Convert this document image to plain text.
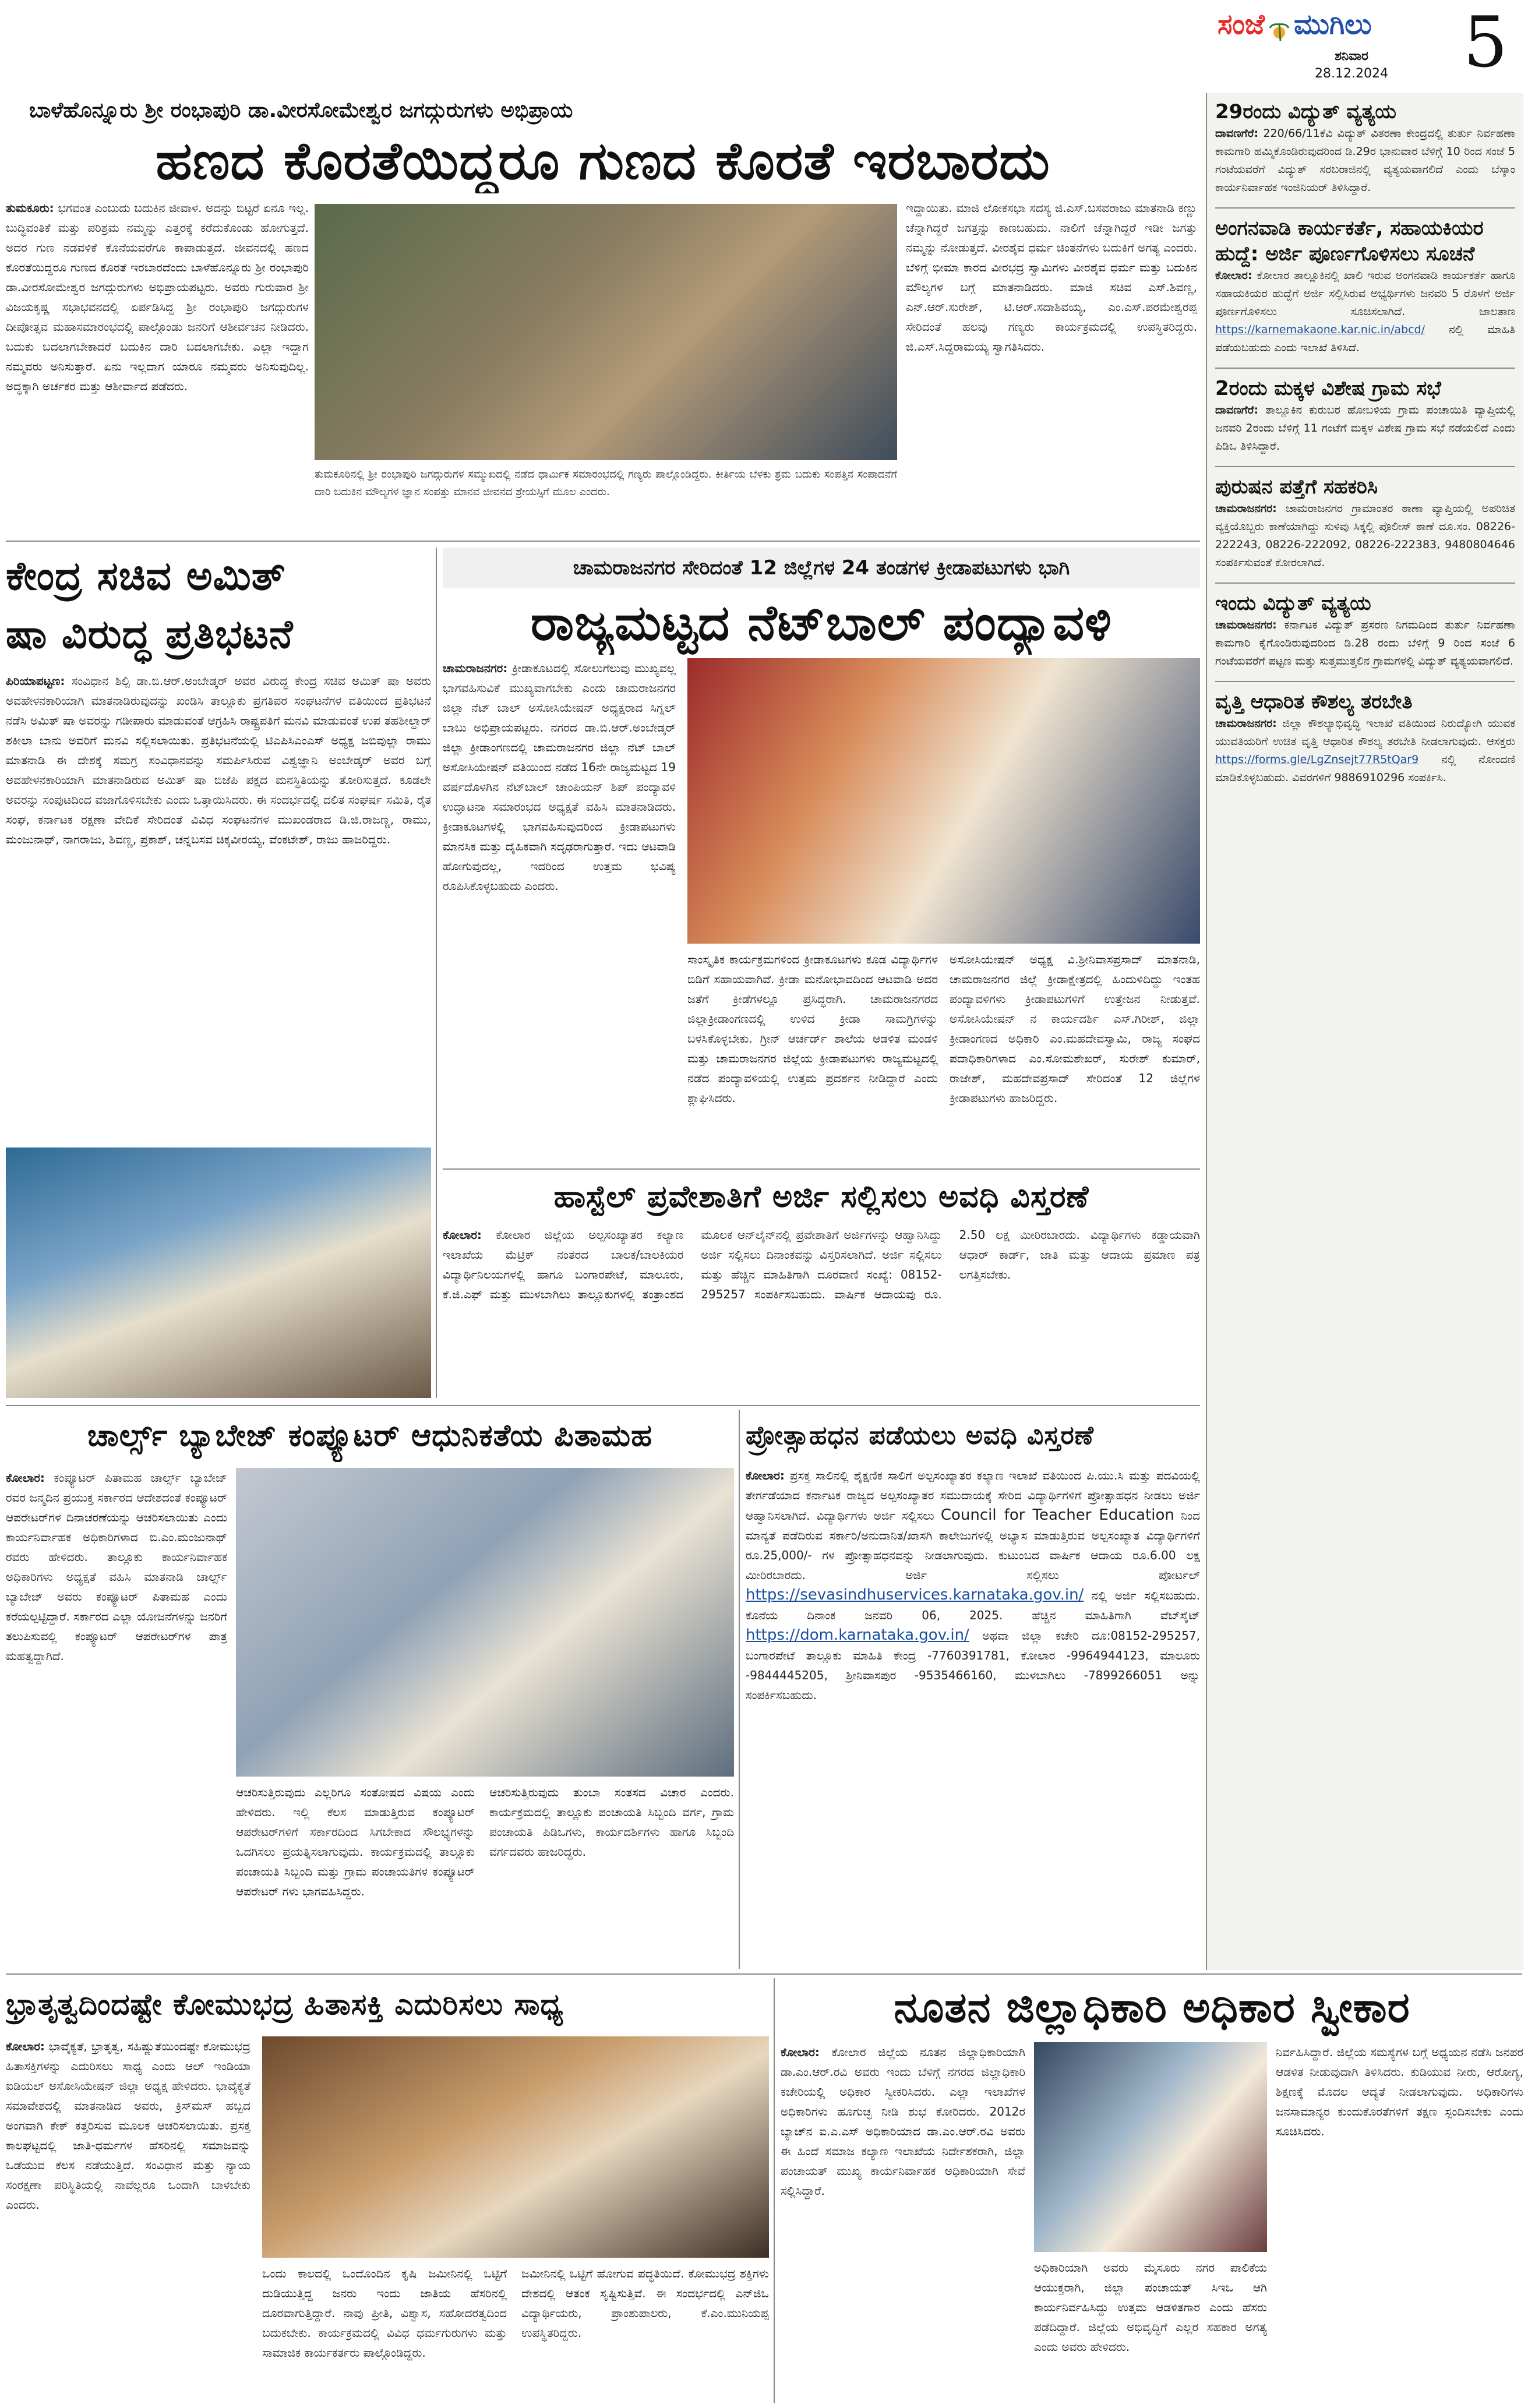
ಸಂಜೆ ಮುಗಿಲು
ಶನಿವಾರ
28.12.2024	5
ಬಾಳೆಹೊನ್ನೂರು ಶ್ರೀ ರಂಭಾಪುರಿ ಡಾ.ವೀರಸೋಮೇಶ್ವರ ಜಗದ್ಗುರುಗಳು ಅಭಿಪ್ರಾಯ
ಹಣದ ಕೊರತೆಯಿದ್ದರೂ ಗುಣದ ಕೊರತೆ ಇರಬಾರದು

ತುಮಕೂರು: ಭಗವಂತ ಎಂಬುದು ಬದುಕಿನ ಜೀವಾಳ. ಅದನ್ನು ಬಿಟ್ಟರೆ ಏನೂ ಇಲ್ಲ. ಬುದ್ಧಿವಂತಿಕೆ ಮತ್ತು ಪರಿಶ್ರಮ ನಮ್ಮನ್ನು ಎತ್ತರಕ್ಕೆ ಕರೆದುಕೊಂಡು ಹೋಗುತ್ತದೆ. ಅದರ ಗುಣ ನಡವಳಿಕೆ ಕೊನೆಯವರೆಗೂ ಕಾಪಾಡುತ್ತದೆ. ಜೀವನದಲ್ಲಿ ಹಣದ ಕೊರತೆಯಿದ್ದರೂ ಗುಣದ ಕೊರತೆ ಇರಬಾರದೆಂದು ಬಾಳೆಹೊನ್ನೂರು ಶ್ರೀ ರಂಭಾಪುರಿ ಡಾ.ವೀರಸೋಮೇಶ್ವರ ಜಗದ್ಗುರುಗಳು ಅಭಿಪ್ರಾಯಪಟ್ಟರು. ಅವರು ಗುರುವಾರ ಶ್ರೀ ವಿಜಯಕೃಷ್ಣ ಸಭಾಭವನದಲ್ಲಿ ಏರ್ಪಡಿಸಿದ್ದ ಶ್ರೀ ರಂಭಾಪುರಿ ಜಗದ್ಗುರುಗಳ ದೀಪೋತ್ಸವ ಮಹಾಸಮಾರಂಭದಲ್ಲಿ ಪಾಲ್ಗೊಂಡು ಜನರಿಗೆ ಆಶೀರ್ವಚನ ನೀಡಿದರು. ಬದುಕು ಬದಲಾಗಬೇಕಾದರೆ ಬದುಕಿನ ದಾರಿ ಬದಲಾಗಬೇಕು. ಎಲ್ಲಾ ಇದ್ದಾಗ ನಮ್ಮವರು ಅನಿಸುತ್ತಾರೆ. ಏನು ಇಲ್ಲದಾಗ ಯಾರೂ ನಮ್ಮವರು ಅನಿಸುವುದಿಲ್ಲ. ಅದ್ಧಕ್ಕಾಗಿ ಅರ್ಚಕರ ಮತ್ತು ಆಶೀರ್ವಾದ ಪಡೆದರು.

ತುಮಕೂರಿನಲ್ಲಿ ಶ್ರೀ ರಂಭಾಪುರಿ ಜಗದ್ಗುರುಗಳ ಸಮ್ಮುಖದಲ್ಲಿ ನಡೆದ ಧಾರ್ಮಿಕ ಸಮಾರಂಭದಲ್ಲಿ ಗಣ್ಯರು ಪಾಲ್ಗೊಂಡಿದ್ದರು. ಕೀರ್ತಿಯ ಬೆಳಕು ಶ್ರಮ ಬದುಕು ಸಂಪತ್ತಿನ ಸಂಪಾದನೆಗೆ ದಾರಿ ಬದುಕಿನ ಮೌಲ್ಯಗಳ ಜ್ಞಾನ ಸಂಪತ್ತು ಮಾನವ ಜೀವನದ ಶ್ರೇಯಸ್ಸಿಗೆ ಮೂಲ ಎಂದರು.
ಇದ್ದಾಯಿತು. ಮಾಜಿ ಲೋಕಸಭಾ ಸದಸ್ಯ ಜಿ.ಎಸ್.ಬಸವರಾಜು ಮಾತನಾಡಿ ಕಣ್ಣು ಚೆನ್ನಾಗಿದ್ದರೆ ಜಗತ್ತನ್ನು ಕಾಣಬಹುದು. ನಾಲಿಗೆ ಚೆನ್ನಾಗಿದ್ದರೆ ಇಡೀ ಜಗತ್ತು ನಮ್ಮನ್ನು ನೋಡುತ್ತದೆ. ವೀರಶೈವ ಧರ್ಮ ಚಿಂತನೆಗಳು ಬದುಕಿಗೆ ಅಗತ್ಯ ಎಂದರು. ಬೆಳಿಗ್ಗೆ ಭೀಮಾ ಕಾರದ ವೀರಭದ್ರ ಸ್ವಾಮಿಗಳು ವೀರಶೈವ ಧರ್ಮ ಮತ್ತು ಬದುಕಿನ ಮೌಲ್ಯಗಳ ಬಗ್ಗೆ ಮಾತನಾಡಿದರು. ಮಾಜಿ ಸಚಿವ ಎಸ್.ಶಿವಣ್ಣ, ಎನ್.ಆರ್.ಸುರೇಶ್, ಟಿ.ಆರ್.ಸದಾಶಿವಯ್ಯ, ಎಂ.ಎಸ್.ಪರಮೇಶ್ವರಪ್ಪ ಸೇರಿದಂತೆ ಹಲವು ಗಣ್ಯರು ಕಾರ್ಯಕ್ರಮದಲ್ಲಿ ಉಪಸ್ಥಿತರಿದ್ದರು. ಜಿ.ಎಸ್.ಸಿದ್ದರಾಮಯ್ಯ ಸ್ವಾಗತಿಸಿದರು.
ಕೇಂದ್ರ ಸಚಿವ ಅಮಿತ್
ಷಾ ವಿರುದ್ಧ ಪ್ರತಿಭಟನೆ

ಪಿರಿಯಾಪಟ್ಟಣ: ಸಂವಿಧಾನ ಶಿಲ್ಪಿ ಡಾ.ಬಿ.ಆರ್.ಅಂಬೇಡ್ಕರ್ ಅವರ ವಿರುದ್ಧ ಕೇಂದ್ರ ಸಚಿವ ಅಮಿತ್ ಷಾ ಅವರು ಅವಹೇಳನಕಾರಿಯಾಗಿ ಮಾತನಾಡಿರುವುದನ್ನು ಖಂಡಿಸಿ ತಾಲ್ಲೂಕು ಪ್ರಗತಿಪರ ಸಂಘಟನೆಗಳ ವತಿಯಿಂದ ಪ್ರತಿಭಟನೆ ನಡೆಸಿ ಅಮಿತ್ ಷಾ ಅವರನ್ನು ಗಡೀಪಾರು ಮಾಡುವಂತೆ ಆಗ್ರಹಿಸಿ ರಾಷ್ಟ್ರಪತಿಗೆ ಮನವಿ ಮಾಡುವಂತೆ ಉಪ ತಹಶೀಲ್ದಾರ್ ಶಕೀಲಾ ಬಾನು ಅವರಿಗೆ ಮನವಿ ಸಲ್ಲಿಸಲಾಯಿತು. ಪ್ರತಿಭಟನೆಯಲ್ಲಿ ಟಿಎಪಿಸಿಎಂಎಸ್ ಅಧ್ಯಕ್ಷ ಜಬಿವುಲ್ಲಾ ರಾಮು ಮಾತನಾಡಿ ಈ ದೇಶಕ್ಕೆ ಸಮಗ್ರ ಸಂವಿಧಾನವನ್ನು ಸಮರ್ಪಿಸಿರುವ ವಿಶ್ವಜ್ಞಾನಿ ಅಂಬೇಡ್ಕರ್ ಅವರ ಬಗ್ಗೆ ಅವಹೇಳನಕಾರಿಯಾಗಿ ಮಾತನಾಡಿರುವ ಅಮಿತ್ ಷಾ ಬಿಜೆಪಿ ಪಕ್ಷದ ಮನಸ್ಥಿತಿಯನ್ನು ತೋರಿಸುತ್ತದೆ. ಕೂಡಲೇ ಅವರನ್ನು ಸಂಪುಟದಿಂದ ವಜಾಗೊಳಿಸಬೇಕು ಎಂದು ಒತ್ತಾಯಿಸಿದರು. ಈ ಸಂದರ್ಭದಲ್ಲಿ ದಲಿತ ಸಂಘರ್ಷ ಸಮಿತಿ, ರೈತ ಸಂಘ, ಕರ್ನಾಟಕ ರಕ್ಷಣಾ ವೇದಿಕೆ ಸೇರಿದಂತೆ ವಿವಿಧ ಸಂಘಟನೆಗಳ ಮುಖಂಡರಾದ ಡಿ.ಜಿ.ರಾಜಣ್ಣ, ರಾಮು, ಮಂಜುನಾಥ್, ನಾಗರಾಜು, ಶಿವಣ್ಣ, ಪ್ರಕಾಶ್, ಚನ್ನಬಸವ ಚಿಕ್ಕವೀರಯ್ಯ, ವೆಂಕಟೇಶ್, ರಾಜು ಹಾಜರಿದ್ದರು.

ಚಾಮರಾಜನಗರ ಸೇರಿದಂತೆ 12 ಜಿಲ್ಲೆಗಳ 24 ತಂಡಗಳ ಕ್ರೀಡಾಪಟುಗಳು ಭಾಗಿ
ರಾಜ್ಯಮಟ್ಟದ ನೆಟ್‌ಬಾಲ್ ಪಂದ್ಯಾವಳಿ

ಚಾಮರಾಜನಗರ: ಕ್ರೀಡಾಕೂಟದಲ್ಲಿ ಸೋಲುಗೆಲುವು ಮುಖ್ಯವಲ್ಲ ಭಾಗವಹಿಸುವಿಕೆ ಮುಖ್ಯವಾಗಬೇಕು ಎಂದು ಚಾಮರಾಜನಗರ ಜಿಲ್ಲಾ ನೆಟ್ ಬಾಲ್ ಅಸೋಸಿಯೇಷನ್ ಅಧ್ಯಕ್ಷರಾದ ಸಿಗ್ನಲ್ ಬಾಬು ಅಭಿಪ್ರಾಯಪಟ್ಟರು. ನಗರದ ಡಾ.ಬಿ.ಆರ್.ಅಂಬೇಡ್ಕರ್ ಜಿಲ್ಲಾ ಕ್ರೀಡಾಂಗಣದಲ್ಲಿ ಚಾಮರಾಜನಗರ ಜಿಲ್ಲಾ ನೆಟ್ ಬಾಲ್ ಅಸೋಸಿಯೇಷನ್ ವತಿಯಿಂದ ನಡೆದ 16ನೇ ರಾಜ್ಯಮಟ್ಟದ 19 ವರ್ಷದೊಳಗಿನ ನೆಟ್‌ಬಾಲ್ ಚಾಂಪಿಯನ್ ಶಿಪ್ ಪಂದ್ಯಾವಳಿ ಉದ್ಘಾಟನಾ ಸಮಾರಂಭದ ಅಧ್ಯಕ್ಷತೆ ವಹಿಸಿ ಮಾತನಾಡಿದರು. ಕ್ರೀಡಾಕೂಟಗಳಲ್ಲಿ ಭಾಗವಹಿಸುವುದರಿಂದ ಕ್ರೀಡಾಪಟುಗಳು ಮಾನಸಿಕ ಮತ್ತು ದೈಹಿಕವಾಗಿ ಸದೃಢರಾಗುತ್ತಾರೆ. ಇದು ಆಟವಾಡಿ ಹೋಗುವುದಲ್ಲ, ಇದರಿಂದ ಉತ್ತಮ ಭವಿಷ್ಯ ರೂಪಿಸಿಕೊಳ್ಳಬಹುದು ಎಂದರು.

ಸಾಂಸ್ಕೃತಿಕ ಕಾರ್ಯಕ್ರಮಗಳಿಂದ ಕ್ರೀಡಾಕೂಟಗಳು ಕೂಡ ವಿದ್ಯಾರ್ಥಿಗಳ ಬಿಡಿಗೆ ಸಹಾಯವಾಗಿವೆ. ಕ್ರೀಡಾ ಮನೋಭಾವದಿಂದ ಆಟವಾಡಿ ಅದರ ಜತೆಗೆ ಕ್ರೀಡೆಗಳಲ್ಲೂ ಪ್ರಸಿದ್ಧರಾಗಿ. ಚಾಮರಾಜನಗರದ ಜಿಲ್ಲಾಕ್ರೀಡಾಂಗಣದಲ್ಲಿ ಉಳಿದ ಕ್ರೀಡಾ ಸಾಮಗ್ರಿಗಳನ್ನು ಬಳಸಿಕೊಳ್ಳಬೇಕು. ಗ್ರೀನ್ ಆರ್ಚರ್ಡ್ ಶಾಲೆಯ ಆಡಳಿತ ಮಂಡಳಿ ಮತ್ತು ಚಾಮರಾಜನಗರ ಜಿಲ್ಲೆಯ ಕ್ರೀಡಾಪಟುಗಳು ರಾಜ್ಯಮಟ್ಟದಲ್ಲಿ ನಡೆದ ಪಂದ್ಯಾವಳಿಯಲ್ಲಿ ಉತ್ತಮ ಪ್ರದರ್ಶನ ನೀಡಿದ್ದಾರೆ ಎಂದು ಶ್ಲಾಘಿಸಿದರು.
ಅಸೋಸಿಯೇಷನ್ ಅಧ್ಯಕ್ಷ ವಿ.ಶ್ರೀನಿವಾಸಪ್ರಸಾದ್ ಮಾತನಾಡಿ, ಚಾಮರಾಜನಗರ ಜಿಲ್ಲೆ ಕ್ರೀಡಾಕ್ಷೇತ್ರದಲ್ಲಿ ಹಿಂದುಳಿದಿದ್ದು ಇಂತಹ ಪಂದ್ಯಾವಳಿಗಳು ಕ್ರೀಡಾಪಟುಗಳಿಗೆ ಉತ್ತೇಜನ ನೀಡುತ್ತವೆ. ಅಸೋಸಿಯೇಷನ್ ನ ಕಾರ್ಯದರ್ಶಿ ಎಸ್.ಗಿರೀಶ್, ಜಿಲ್ಲಾ ಕ್ರೀಡಾಂಗಣದ ಅಧಿಕಾರಿ ಎಂ.ಮಹದೇವಸ್ವಾಮಿ, ರಾಜ್ಯ ಸಂಘದ ಪದಾಧಿಕಾರಿಗಳಾದ ಎಂ.ಸೋಮಶೇಖರ್, ಸುರೇಶ್ ಕುಮಾರ್, ರಾಜೇಶ್, ಮಹದೇವಪ್ರಸಾದ್ ಸೇರಿದಂತೆ 12 ಜಿಲ್ಲೆಗಳ ಕ್ರೀಡಾಪಟುಗಳು ಹಾಜರಿದ್ದರು.
ಹಾಸ್ಟೆಲ್ ಪ್ರವೇಶಾತಿಗೆ ಅರ್ಜಿ ಸಲ್ಲಿಸಲು ಅವಧಿ ವಿಸ್ತರಣೆ

ಕೋಲಾರ: ಕೋಲಾರ ಜಿಲ್ಲೆಯ ಅಲ್ಪಸಂಖ್ಯಾತರ ಕಲ್ಯಾಣ ಇಲಾಖೆಯ ಮೆಟ್ರಿಕ್ ನಂತರದ ಬಾಲಕ/ಬಾಲಕಿಯರ ವಿದ್ಯಾರ್ಥಿನಿಲಯಗಳಲ್ಲಿ ಹಾಗೂ ಬಂಗಾರಪೇಟೆ, ಮಾಲೂರು, ಕೆ.ಜಿ.ಎಫ್ ಮತ್ತು ಮುಳಬಾಗಿಲು ತಾಲ್ಲೂಕುಗಳಲ್ಲಿ ತಂತ್ರಾಂಶದ ಮೂಲಕ ಆನ್‌ಲೈನ್‌ನಲ್ಲಿ ಪ್ರವೇಶಾತಿಗೆ ಅರ್ಜಿಗಳನ್ನು ಆಹ್ವಾನಿಸಿದ್ದು ಅರ್ಜಿ ಸಲ್ಲಿಸಲು ದಿನಾಂಕವನ್ನು ವಿಸ್ತರಿಸಲಾಗಿದೆ. ಅರ್ಜಿ ಸಲ್ಲಿಸಲು ಮತ್ತು ಹೆಚ್ಚಿನ ಮಾಹಿತಿಗಾಗಿ ದೂರವಾಣಿ ಸಂಖ್ಯೆ: 08152-295257 ಸಂಪರ್ಕಿಸಬಹುದು. ವಾರ್ಷಿಕ ಆದಾಯವು ರೂ. 2.50 ಲಕ್ಷ ಮೀರಿರಬಾರದು. ವಿದ್ಯಾರ್ಥಿಗಳು ಕಡ್ಡಾಯವಾಗಿ ಆಧಾರ್ ಕಾರ್ಡ್, ಜಾತಿ ಮತ್ತು ಆದಾಯ ಪ್ರಮಾಣ ಪತ್ರ ಲಗತ್ತಿಸಬೇಕು.

ಚಾರ್ಲ್ಸ್ ಬ್ಯಾಬೇಜ್ ಕಂಪ್ಯೂಟರ್ ಆಧುನಿಕತೆಯ ಪಿತಾಮಹ

ಕೋಲಾರ: ಕಂಪ್ಯೂಟರ್ ಪಿತಾಮಹ ಚಾರ್ಲ್ಸ್ ಬ್ಯಾಬೇಜ್ ರವರ ಜನ್ಮದಿನ ಪ್ರಯುಕ್ತ ಸರ್ಕಾರದ ಆದೇಶದಂತೆ ಕಂಪ್ಯೂಟರ್ ಆಪರೇಟರ್‌ಗಳ ದಿನಾಚರಣೆಯನ್ನು ಆಚರಿಸಲಾಯಿತು ಎಂದು ಕಾರ್ಯನಿರ್ವಾಹಕ ಅಧಿಕಾರಿಗಳಾದ ಬಿ.ಎಂ.ಮಂಜುನಾಥ್ ರವರು ಹೇಳಿದರು. ತಾಲ್ಲೂಕು ಕಾರ್ಯನಿರ್ವಾಹಕ ಅಧಿಕಾರಿಗಳು ಅಧ್ಯಕ್ಷತೆ ವಹಿಸಿ ಮಾತನಾಡಿ ಚಾರ್ಲ್ಸ್ ಬ್ಯಾಬೇಜ್ ಅವರು ಕಂಪ್ಯೂಟರ್ ಪಿತಾಮಹ ಎಂದು ಕರೆಯಲ್ಪಟ್ಟಿದ್ದಾರೆ. ಸರ್ಕಾರದ ಎಲ್ಲಾ ಯೋಜನೆಗಳನ್ನು ಜನರಿಗೆ ತಲುಪಿಸುವಲ್ಲಿ ಕಂಪ್ಯೂಟರ್ ಆಪರೇಟರ್‌ಗಳ ಪಾತ್ರ ಮಹತ್ವದ್ದಾಗಿದೆ.

ಆಚರಿಸುತ್ತಿರುವುದು ಎಲ್ಲರಿಗೂ ಸಂತೋಷದ ವಿಷಯ ಎಂದು ಹೇಳಿದರು. ಇಲ್ಲಿ ಕೆಲಸ ಮಾಡುತ್ತಿರುವ ಕಂಪ್ಯೂಟರ್ ಆಪರೇಟರ್‌ಗಳಿಗೆ ಸರ್ಕಾರದಿಂದ ಸಿಗಬೇಕಾದ ಸೌಲಭ್ಯಗಳನ್ನು ಒದಗಿಸಲು ಪ್ರಯತ್ನಿಸಲಾಗುವುದು. ಕಾರ್ಯಕ್ರಮದಲ್ಲಿ ತಾಲ್ಲೂಕು ಪಂಚಾಯತಿ ಸಿಬ್ಬಂದಿ ಮತ್ತು ಗ್ರಾಮ ಪಂಚಾಯತಿಗಳ ಕಂಪ್ಯೂಟರ್ ಆಪರೇಟರ್ ಗಳು ಭಾಗವಹಿಸಿದ್ದರು.
ಆಚರಿಸುತ್ತಿರುವುದು ತುಂಬಾ ಸಂತಸದ ವಿಚಾರ ಎಂದರು. ಕಾರ್ಯಕ್ರಮದಲ್ಲಿ ತಾಲ್ಲೂಕು ಪಂಚಾಯತಿ ಸಿಬ್ಬಂದಿ ವರ್ಗ, ಗ್ರಾಮ ಪಂಚಾಯತಿ ಪಿಡಿಒಗಳು, ಕಾರ್ಯದರ್ಶಿಗಳು ಹಾಗೂ ಸಿಬ್ಬಂದಿ ವರ್ಗದವರು ಹಾಜರಿದ್ದರು.
ಪ್ರೋತ್ಸಾಹಧನ ಪಡೆಯಲು ಅವಧಿ ವಿಸ್ತರಣೆ

ಕೋಲಾರ: ಪ್ರಸಕ್ತ ಸಾಲಿನಲ್ಲಿ ಶೈಕ್ಷಣಿಕ ಸಾಲಿಗೆ ಅಲ್ಪಸಂಖ್ಯಾತರ ಕಲ್ಯಾಣ ಇಲಾಖೆ ವತಿಯಿಂದ ಪಿ.ಯು.ಸಿ ಮತ್ತು ಪದವಿಯಲ್ಲಿ ತೇರ್ಗಡೆಯಾದ ಕರ್ನಾಟಕ ರಾಜ್ಯದ ಅಲ್ಪಸಂಖ್ಯಾತರ ಸಮುದಾಯಕ್ಕೆ ಸೇರಿದ ವಿದ್ಯಾರ್ಥಿಗಳಿಗೆ ಪ್ರೋತ್ಸಾಹಧನ ನೀಡಲು ಅರ್ಜಿ ಆಹ್ವಾನಿಸಲಾಗಿದೆ. ವಿದ್ಯಾರ್ಥಿಗಳು ಅರ್ಜಿ ಸಲ್ಲಿಸಲು Council for Teacher Education ನಿಂದ ಮಾನ್ಯತೆ ಪಡೆದಿರುವ ಸರ್ಕಾರಿ/ಅನುದಾನಿತ/ಖಾಸಗಿ ಕಾಲೇಜುಗಳಲ್ಲಿ ಅಭ್ಯಾಸ ಮಾಡುತ್ತಿರುವ ಅಲ್ಪಸಂಖ್ಯಾತ ವಿದ್ಯಾರ್ಥಿಗಳಿಗೆ ರೂ.25,000/- ಗಳ ಪ್ರೋತ್ಸಾಹಧನವನ್ನು ನೀಡಲಾಗುವುದು. ಕುಟುಂಬದ ವಾರ್ಷಿಕ ಆದಾಯ ರೂ.6.00 ಲಕ್ಷ ಮೀರಿರಬಾರದು. ಅರ್ಜಿ ಸಲ್ಲಿಸಲು ಪೋರ್ಟಲ್ https://sevasindhuservices.karnataka.gov.in/ ನಲ್ಲಿ ಅರ್ಜಿ ಸಲ್ಲಿಸಬಹುದು. ಕೊನೆಯ ದಿನಾಂಕ ಜನವರಿ 06, 2025. ಹೆಚ್ಚಿನ ಮಾಹಿತಿಗಾಗಿ ವೆಬ್‌ಸೈಟ್ https://dom.karnataka.gov.in/ ಅಥವಾ ಜಿಲ್ಲಾ ಕಚೇರಿ ದೂ:08152-295257, ಬಂಗಾರಪೇಟೆ ತಾಲ್ಲೂಕು ಮಾಹಿತಿ ಕೇಂದ್ರ -7760391781, ಕೋಲಾರ -9964944123, ಮಾಲೂರು -9844445205, ಶ್ರೀನಿವಾಸಪುರ -9535466160, ಮುಳಬಾಗಿಲು -7899266051 ಅನ್ನು ಸಂಪರ್ಕಿಸಬಹುದು.

ಭ್ರಾತೃತ್ವದಿಂದಷ್ಟೇ ಕೋಮುಭದ್ರ ಹಿತಾಸಕ್ತಿ ಎದುರಿಸಲು ಸಾಧ್ಯ

ಕೋಲಾರ: ಭಾವೈಕ್ಯತೆ, ಭ್ರಾತೃತ್ವ, ಸಹಿಷ್ಣುತೆಯಿಂದಷ್ಟೇ ಕೋಮುಭದ್ರ ಹಿತಾಸಕ್ತಿಗಳನ್ನು ಎದುರಿಸಲು ಸಾಧ್ಯ ಎಂದು ಆಲ್ ಇಂಡಿಯಾ ಐಡಿಯಲ್ ಅಸೋಸಿಯೇಷನ್ ಜಿಲ್ಲಾ ಅಧ್ಯಕ್ಷ ಹೇಳಿದರು. ಭಾವೈಕ್ಯತೆ ಸಮಾವೇಶದಲ್ಲಿ ಮಾತನಾಡಿದ ಅವರು, ಕ್ರಿಸ್‌ಮಸ್ ಹಬ್ಬದ ಅಂಗವಾಗಿ ಕೇಕ್ ಕತ್ತರಿಸುವ ಮೂಲಕ ಆಚರಿಸಲಾಯಿತು. ಪ್ರಸಕ್ತ ಕಾಲಘಟ್ಟದಲ್ಲಿ ಜಾತಿ-ಧರ್ಮಗಳ ಹೆಸರಿನಲ್ಲಿ ಸಮಾಜವನ್ನು ಒಡೆಯುವ ಕೆಲಸ ನಡೆಯುತ್ತಿದೆ. ಸಂವಿಧಾನ ಮತ್ತು ನ್ಯಾಯ ಸಂರಕ್ಷಣಾ ಪರಿಸ್ಥಿತಿಯಲ್ಲಿ ನಾವೆಲ್ಲರೂ ಒಂದಾಗಿ ಬಾಳಬೇಕು ಎಂದರು.

ಒಂದು ಕಾಲದಲ್ಲಿ ಒಂದೊಂದಿನ ಕೃಷಿ ಜಮೀನಿನಲ್ಲಿ ಒಟ್ಟಿಗೆ ದುಡಿಯುತ್ತಿದ್ದ ಜನರು ಇಂದು ಜಾತಿಯ ಹೆಸರಿನಲ್ಲಿ ದೂರವಾಗುತ್ತಿದ್ದಾರೆ. ನಾವು ಪ್ರೀತಿ, ವಿಶ್ವಾಸ, ಸಹೋದರತ್ವದಿಂದ ಬದುಕಬೇಕು. ಕಾರ್ಯಕ್ರಮದಲ್ಲಿ ವಿವಿಧ ಧರ್ಮಗುರುಗಳು ಮತ್ತು ಸಾಮಾಜಿಕ ಕಾರ್ಯಕರ್ತರು ಪಾಲ್ಗೊಂಡಿದ್ದರು.
ಜಮೀನಿನಲ್ಲಿ ಒಟ್ಟಿಗೆ ಹೋಗುವ ಪದ್ಧತಿಯಿದೆ. ಕೋಮುಭದ್ರ ಶಕ್ತಿಗಳು ದೇಶದಲ್ಲಿ ಆತಂಕ ಸೃಷ್ಟಿಸುತ್ತಿವೆ. ಈ ಸಂದರ್ಭದಲ್ಲಿ ಎನ್‌ಜಿಒ ವಿದ್ಯಾರ್ಥಿಯರು, ಪ್ರಾಂಶುಪಾಲರು, ಕೆ.ಎಂ.ಮುನಿಯಪ್ಪ ಉಪಸ್ಥಿತರಿದ್ದರು.
ನೂತನ ಜಿಲ್ಲಾಧಿಕಾರಿ ಅಧಿಕಾರ ಸ್ವೀಕಾರ

ಕೋಲಾರ: ಕೋಲಾರ ಜಿಲ್ಲೆಯ ನೂತನ ಜಿಲ್ಲಾಧಿಕಾರಿಯಾಗಿ ಡಾ.ಎಂ.ಆರ್.ರವಿ ಅವರು ಇಂದು ಬೆಳಿಗ್ಗೆ ನಗರದ ಜಿಲ್ಲಾಧಿಕಾರಿ ಕಚೇರಿಯಲ್ಲಿ ಅಧಿಕಾರ ಸ್ವೀಕರಿಸಿದರು. ಎಲ್ಲಾ ಇಲಾಖೆಗಳ ಅಧಿಕಾರಿಗಳು ಹೂಗುಚ್ಛ ನೀಡಿ ಶುಭ ಕೋರಿದರು. 2012ರ ಬ್ಯಾಚ್‌ನ ಐ.ಎ.ಎಸ್ ಅಧಿಕಾರಿಯಾದ ಡಾ.ಎಂ.ಆರ್.ರವಿ ಅವರು ಈ ಹಿಂದೆ ಸಮಾಜ ಕಲ್ಯಾಣ ಇಲಾಖೆಯ ನಿರ್ದೇಶಕರಾಗಿ, ಜಿಲ್ಲಾ ಪಂಚಾಯತ್ ಮುಖ್ಯ ಕಾರ್ಯನಿರ್ವಾಹಕ ಅಧಿಕಾರಿಯಾಗಿ ಸೇವೆ ಸಲ್ಲಿಸಿದ್ದಾರೆ.

ಅಧಿಕಾರಿಯಾಗಿ ಅವರು ಮೈಸೂರು ನಗರ ಪಾಲಿಕೆಯ ಆಯುಕ್ತರಾಗಿ, ಜಿಲ್ಲಾ ಪಂಚಾಯತ್ ಸಿಇಒ ಆಗಿ ಕಾರ್ಯನಿರ್ವಹಿಸಿದ್ದು ಉತ್ತಮ ಆಡಳಿತಗಾರ ಎಂದು ಹೆಸರು ಪಡೆದಿದ್ದಾರೆ. ಜಿಲ್ಲೆಯ ಅಭಿವೃದ್ಧಿಗೆ ಎಲ್ಲರ ಸಹಕಾರ ಅಗತ್ಯ ಎಂದು ಅವರು ಹೇಳಿದರು.
ನಿರ್ವಹಿಸಿದ್ದಾರೆ. ಜಿಲ್ಲೆಯ ಸಮಸ್ಯೆಗಳ ಬಗ್ಗೆ ಅಧ್ಯಯನ ನಡೆಸಿ ಜನಪರ ಆಡಳಿತ ನೀಡುವುದಾಗಿ ತಿಳಿಸಿದರು. ಕುಡಿಯುವ ನೀರು, ಆರೋಗ್ಯ, ಶಿಕ್ಷಣಕ್ಕೆ ಮೊದಲ ಆದ್ಯತೆ ನೀಡಲಾಗುವುದು. ಅಧಿಕಾರಿಗಳು ಜನಸಾಮಾನ್ಯರ ಕುಂದುಕೊರತೆಗಳಿಗೆ ತಕ್ಷಣ ಸ್ಪಂದಿಸಬೇಕು ಎಂದು ಸೂಚಿಸಿದರು.
29ರಂದು ವಿದ್ಯುತ್ ವ್ಯತ್ಯಯ
ದಾವಣಗೆರೆ: 220/66/11ಕೆವಿ ವಿದ್ಯುತ್ ವಿತರಣಾ ಕೇಂದ್ರದಲ್ಲಿ ತುರ್ತು ನಿರ್ವಹಣಾ ಕಾಮಗಾರಿ ಹಮ್ಮಿಕೊಂಡಿರುವುದರಿಂದ ಡಿ.29ರ ಭಾನುವಾರ ಬೆಳಿಗ್ಗೆ 10 ರಿಂದ ಸಂಜೆ 5 ಗಂಟೆಯವರೆಗೆ ವಿದ್ಯುತ್ ಸರಬರಾಜಿನಲ್ಲಿ ವ್ಯತ್ಯಯವಾಗಲಿದೆ ಎಂದು ಬೆಸ್ಕಾಂ ಕಾರ್ಯನಿರ್ವಾಹಕ ಇಂಜಿನಿಯರ್ ತಿಳಿಸಿದ್ದಾರೆ.
ಅಂಗನವಾಡಿ ಕಾರ್ಯಕರ್ತೆ, ಸಹಾಯಕಿಯರ ಹುದ್ದೆ: ಅರ್ಜಿ ಪೂರ್ಣಗೊಳಿಸಲು ಸೂಚನೆ
ಕೋಲಾರ: ಕೋಲಾರ ತಾಲ್ಲೂಕಿನಲ್ಲಿ ಖಾಲಿ ಇರುವ ಅಂಗನವಾಡಿ ಕಾರ್ಯಕರ್ತೆ ಹಾಗೂ ಸಹಾಯಕಿಯರ ಹುದ್ದೆಗೆ ಅರ್ಜಿ ಸಲ್ಲಿಸಿರುವ ಅಭ್ಯರ್ಥಿಗಳು ಜನವರಿ 5 ರೊಳಗೆ ಅರ್ಜಿ ಪೂರ್ಣಗೊಳಿಸಲು ಸೂಚಿಸಲಾಗಿದೆ. ಜಾಲತಾಣ https://karnemakaone.kar.nic.in/abcd/ ನಲ್ಲಿ ಮಾಹಿತಿ ಪಡೆಯಬಹುದು ಎಂದು ಇಲಾಖೆ ತಿಳಿಸಿದೆ.
2ರಂದು ಮಕ್ಕಳ ವಿಶೇಷ ಗ್ರಾಮ ಸಭೆ
ದಾವಣಗೆರೆ: ತಾಲ್ಲೂಕಿನ ಕುರುಬರ ಹೋಬಳಿಯ ಗ್ರಾಮ ಪಂಚಾಯಿತಿ ವ್ಯಾಪ್ತಿಯಲ್ಲಿ ಜನವರಿ 2ರಂದು ಬೆಳಿಗ್ಗೆ 11 ಗಂಟೆಗೆ ಮಕ್ಕಳ ವಿಶೇಷ ಗ್ರಾಮ ಸಭೆ ನಡೆಯಲಿದೆ ಎಂದು ಪಿಡಿಒ ತಿಳಿಸಿದ್ದಾರೆ.
ಪುರುಷನ ಪತ್ತೆಗೆ ಸಹಕರಿಸಿ
ಚಾಮರಾಜನಗರ: ಚಾಮರಾಜನಗರ ಗ್ರಾಮಾಂತರ ಠಾಣಾ ವ್ಯಾಪ್ತಿಯಲ್ಲಿ ಅಪರಿಚಿತ ವ್ಯಕ್ತಿಯೊಬ್ಬರು ಕಾಣೆಯಾಗಿದ್ದು ಸುಳಿವು ಸಿಕ್ಕಲ್ಲಿ ಪೊಲೀಸ್ ಠಾಣೆ ದೂ.ಸಂ. 08226-222243, 08226-222092, 08226-222383, 9480804646 ಸಂಪರ್ಕಿಸುವಂತೆ ಕೋರಲಾಗಿದೆ.
ಇಂದು ವಿದ್ಯುತ್ ವ್ಯತ್ಯಯ
ಚಾಮರಾಜನಗರ: ಕರ್ನಾಟಕ ವಿದ್ಯುತ್ ಪ್ರಸರಣ ನಿಗಮದಿಂದ ತುರ್ತು ನಿರ್ವಹಣಾ ಕಾಮಗಾರಿ ಕೈಗೊಂಡಿರುವುದರಿಂದ ಡಿ.28 ರಂದು ಬೆಳಿಗ್ಗೆ 9 ರಿಂದ ಸಂಜೆ 6 ಗಂಟೆಯವರೆಗೆ ಪಟ್ಟಣ ಮತ್ತು ಸುತ್ತಮುತ್ತಲಿನ ಗ್ರಾಮಗಳಲ್ಲಿ ವಿದ್ಯುತ್ ವ್ಯತ್ಯಯವಾಗಲಿದೆ.
ವೃತ್ತಿ ಆಧಾರಿತ ಕೌಶಲ್ಯ ತರಬೇತಿ
ಚಾಮರಾಜನಗರ: ಜಿಲ್ಲಾ ಕೌಶಲ್ಯಾಭಿವೃದ್ಧಿ ಇಲಾಖೆ ವತಿಯಿಂದ ನಿರುದ್ಯೋಗಿ ಯುವಕ ಯುವತಿಯರಿಗೆ ಉಚಿತ ವೃತ್ತಿ ಆಧಾರಿತ ಕೌಶಲ್ಯ ತರಬೇತಿ ನೀಡಲಾಗುವುದು. ಆಸಕ್ತರು https://forms.gle/LgZnsejt77R5tQar9 ನಲ್ಲಿ ನೋಂದಣಿ ಮಾಡಿಕೊಳ್ಳಬಹುದು. ವಿವರಗಳಿಗೆ 9886910296 ಸಂಪರ್ಕಿಸಿ.
